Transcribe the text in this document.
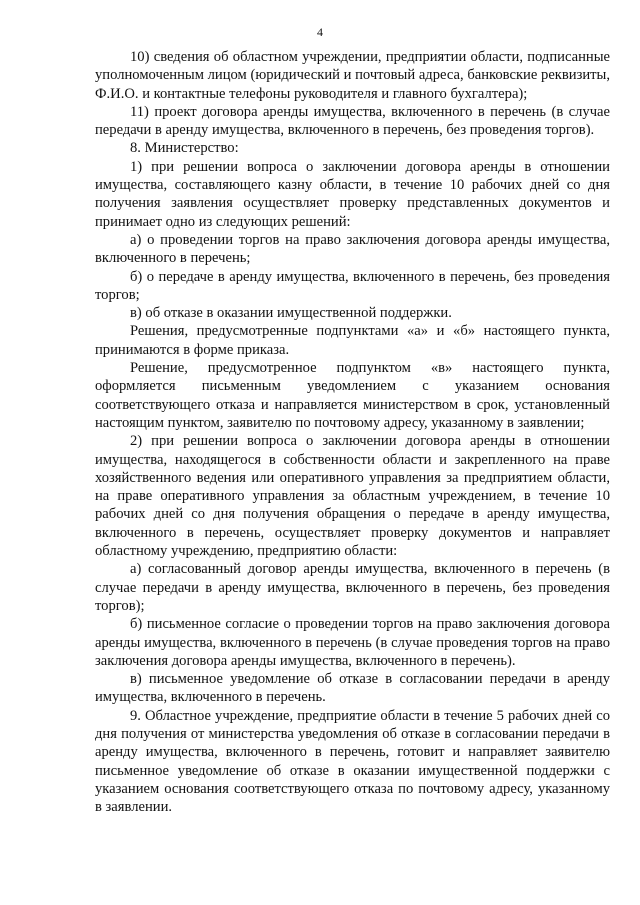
4

10) сведения об областном учреждении, предприятии области, подписанные уполномоченным лицом (юридический и почтовый адреса, банковские реквизиты, Ф.И.О. и контактные телефоны руководителя и главного бухгалтера);

11) проект договора аренды имущества, включенного в перечень (в случае передачи в аренду имущества, включенного в перечень, без проведения торгов).

8. Министерство:

1) при решении вопроса о заключении договора аренды в отношении имущества, составляющего казну области, в течение 10 рабочих дней со дня получения заявления осуществляет проверку представленных документов и принимает одно из следующих решений:

а) о проведении торгов на право заключения договора аренды имущества, включенного в перечень;

б) о передаче в аренду имущества, включенного в перечень, без проведения торгов;

в) об отказе в оказании имущественной поддержки.

Решения, предусмотренные подпунктами «а» и «б» настоящего пункта, принимаются в форме приказа.

Решение, предусмотренное подпунктом «в» настоящего пункта, оформляется письменным уведомлением с указанием основания соответствующего отказа и направляется министерством в срок, установленный настоящим пунктом, заявителю по почтовому адресу, указанному в заявлении;

2) при решении вопроса о заключении договора аренды в отношении имущества, находящегося в собственности области и закрепленного на праве хозяйственного ведения или оперативного управления за предприятием области, на праве оперативного управления за областным учреждением, в течение 10 рабочих дней со дня получения обращения о передаче в аренду имущества, включенного в перечень, осуществляет проверку документов и направляет областному учреждению, предприятию области:

а) согласованный договор аренды имущества, включенного в перечень (в случае передачи в аренду имущества, включенного в перечень, без проведения торгов);

б) письменное согласие о проведении торгов на право заключения договора аренды имущества, включенного в перечень (в случае проведения торгов на право заключения договора аренды имущества, включенного в перечень).

в) письменное уведомление об отказе в согласовании передачи в аренду имущества, включенного в перечень.

9. Областное учреждение, предприятие области в течение 5 рабочих дней со дня получения от министерства уведомления об отказе в согласовании передачи в аренду имущества, включенного в перечень, готовит и направляет заявителю письменное уведомление об отказе в оказании имущественной поддержки с указанием основания соответствующего отказа по почтовому адресу, указанному в заявлении.
